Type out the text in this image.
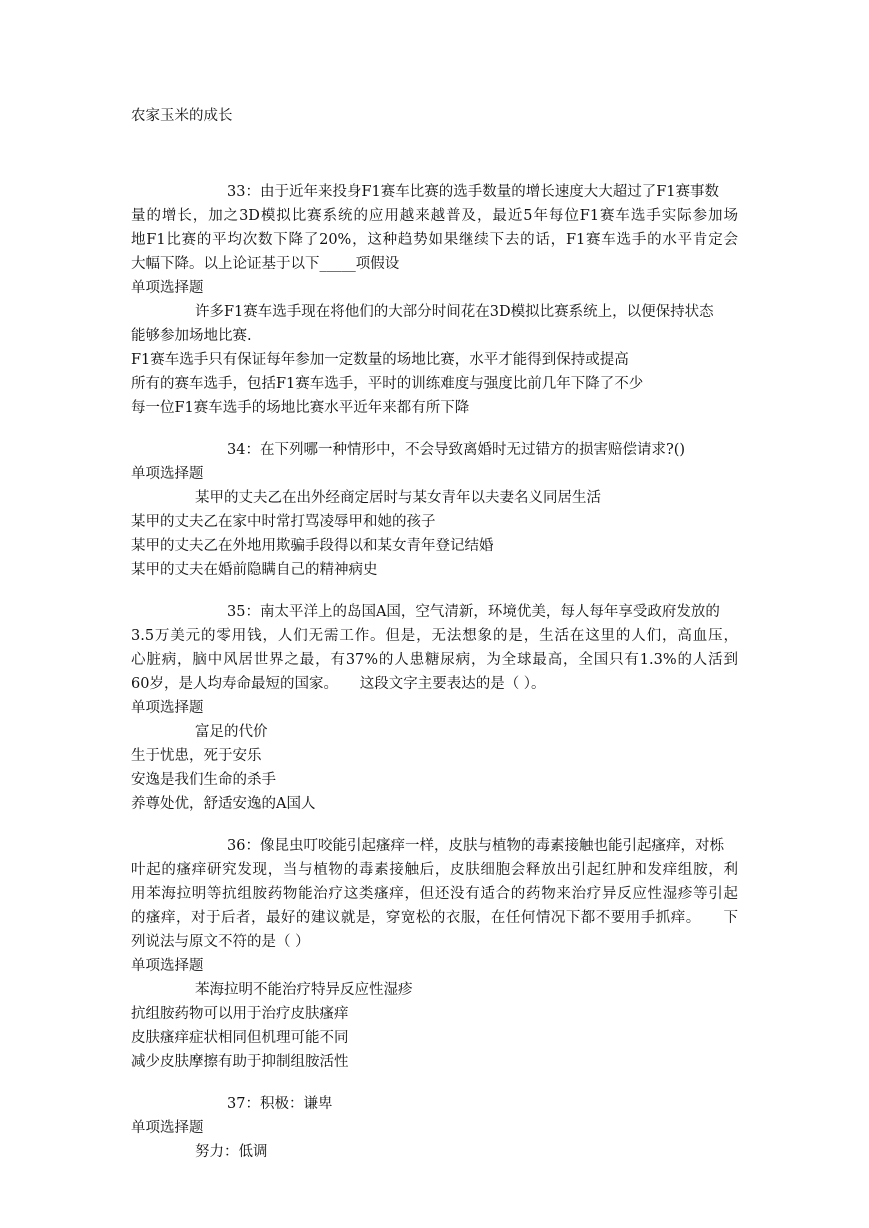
农家玉米的成长
33：由于近年来投身F1赛车比赛的选手数量的增长速度大大超过了F1赛事数
量的增长，加之3D模拟比赛系统的应用越来越普及，最近5年每位F1赛车选手实际参加场
地F1比赛的平均次数下降了20%，这种趋势如果继续下去的话，F1赛车选手的水平肯定会
大幅下降。以上论证基于以下_____项假设
单项选择题
许多F1赛车选手现在将他们的大部分时间花在3D模拟比赛系统上，以便保持状态
能够参加场地比赛.
F1赛车选手只有保证每年参加一定数量的场地比赛，水平才能得到保持或提高
所有的赛车选手，包括F1赛车选手，平时的训练难度与强度比前几年下降了不少
每一位F1赛车选手的场地比赛水平近年来都有所下降
34：在下列哪一种情形中，不会导致离婚时无过错方的损害赔偿请求?()
单项选择题
某甲的丈夫乙在出外经商定居时与某女青年以夫妻名义同居生活
某甲的丈夫乙在家中时常打骂凌辱甲和她的孩子
某甲的丈夫乙在外地用欺骗手段得以和某女青年登记结婚
某甲的丈夫在婚前隐瞒自己的精神病史
35：南太平洋上的岛国A国，空气清新，环境优美，每人每年享受政府发放的
3.5万美元的零用钱，人们无需工作。但是，无法想象的是，生活在这里的人们，高血压，
心脏病，脑中风居世界之最，有37%的人患糖尿病，为全球最高，全国只有1.3%的人活到
60岁，是人均寿命最短的国家。　　这段文字主要表达的是（ ）。
单项选择题
富足的代价
生于忧患，死于安乐
安逸是我们生命的杀手
养尊处优，舒适安逸的A国人
36：像昆虫叮咬能引起瘙痒一样，皮肤与植物的毒素接触也能引起瘙痒，对栎
叶起的瘙痒研究发现，当与植物的毒素接触后，皮肤细胞会释放出引起红肿和发痒组胺，利
用苯海拉明等抗组胺药物能治疗这类瘙痒，但还没有适合的药物来治疗异反应性湿疹等引起
的瘙痒，对于后者，最好的建议就是，穿宽松的衣服，在任何情况下都不要用手抓痒。　　下
列说法与原文不符的是（ ）
单项选择题
苯海拉明不能治疗特异反应性湿疹
抗组胺药物可以用于治疗皮肤瘙痒
皮肤瘙痒症状相同但机理可能不同
减少皮肤摩擦有助于抑制组胺活性
37：积极：谦卑
单项选择题
努力：低调
